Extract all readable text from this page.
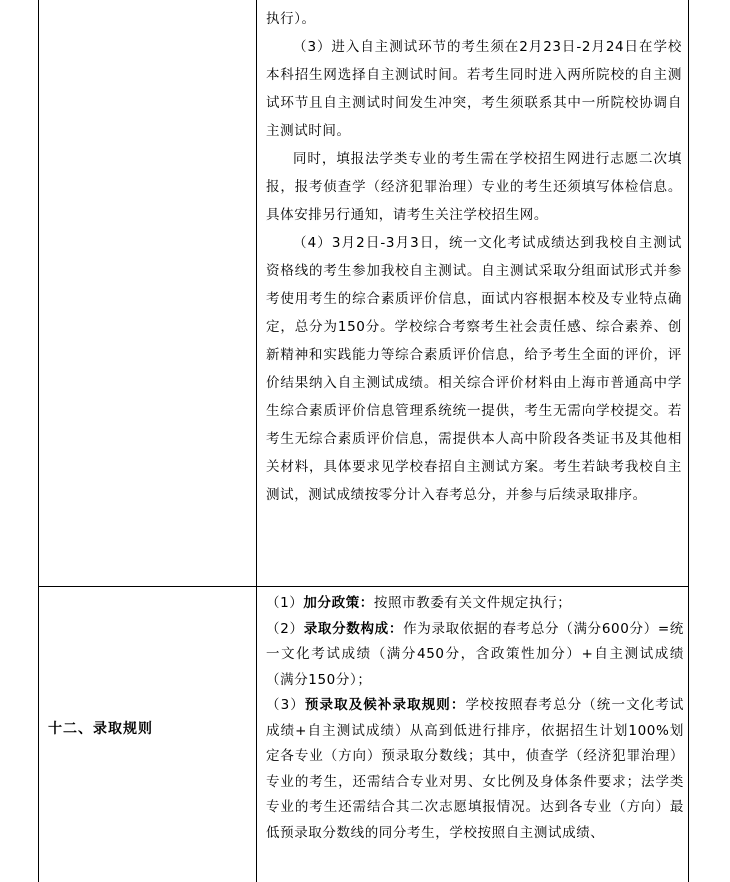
执行）。

（3）进入自主测试环节的考生须在2月23日-2月24日在学校本科招生网选择自主测试时间。若考生同时进入两所院校的自主测试环节且自主测试时间发生冲突，考生须联系其中一所院校协调自主测试时间。

同时，填报法学类专业的考生需在学校招生网进行志愿二次填报，报考侦查学（经济犯罪治理）专业的考生还须填写体检信息。具体安排另行通知，请考生关注学校招生网。

（4）3月2日-3月3日，统一文化考试成绩达到我校自主测试资格线的考生参加我校自主测试。自主测试采取分组面试形式并参考使用考生的综合素质评价信息，面试内容根据本校及专业特点确定，总分为150分。学校综合考察考生社会责任感、综合素养、创新精神和实践能力等综合素质评价信息，给予考生全面的评价，评价结果纳入自主测试成绩。相关综合评价材料由上海市普通高中学生综合素质评价信息管理系统统一提供，考生无需向学校提交。若考生无综合素质评价信息，需提供本人高中阶段各类证书及其他相关材料，具体要求见学校春招自主测试方案。考生若缺考我校自主测试，测试成绩按零分计入春考总分，并参与后续录取排序。

十二、录取规则

（1）加分政策：按照市教委有关文件规定执行；

（2）录取分数构成：作为录取依据的春考总分（满分600分）=统一文化考试成绩（满分450分，含政策性加分）+自主测试成绩（满分150分）；

（3）预录取及候补录取规则：学校按照春考总分（统一文化考试成绩+自主测试成绩）从高到低进行排序，依据招生计划100%划定各专业（方向）预录取分数线；其中，侦查学（经济犯罪治理）专业的考生，还需结合专业对男、女比例及身体条件要求；法学类专业的考生还需结合其二次志愿填报情况。达到各专业（方向）最低预录取分数线的同分考生，学校按照自主测试成绩、
